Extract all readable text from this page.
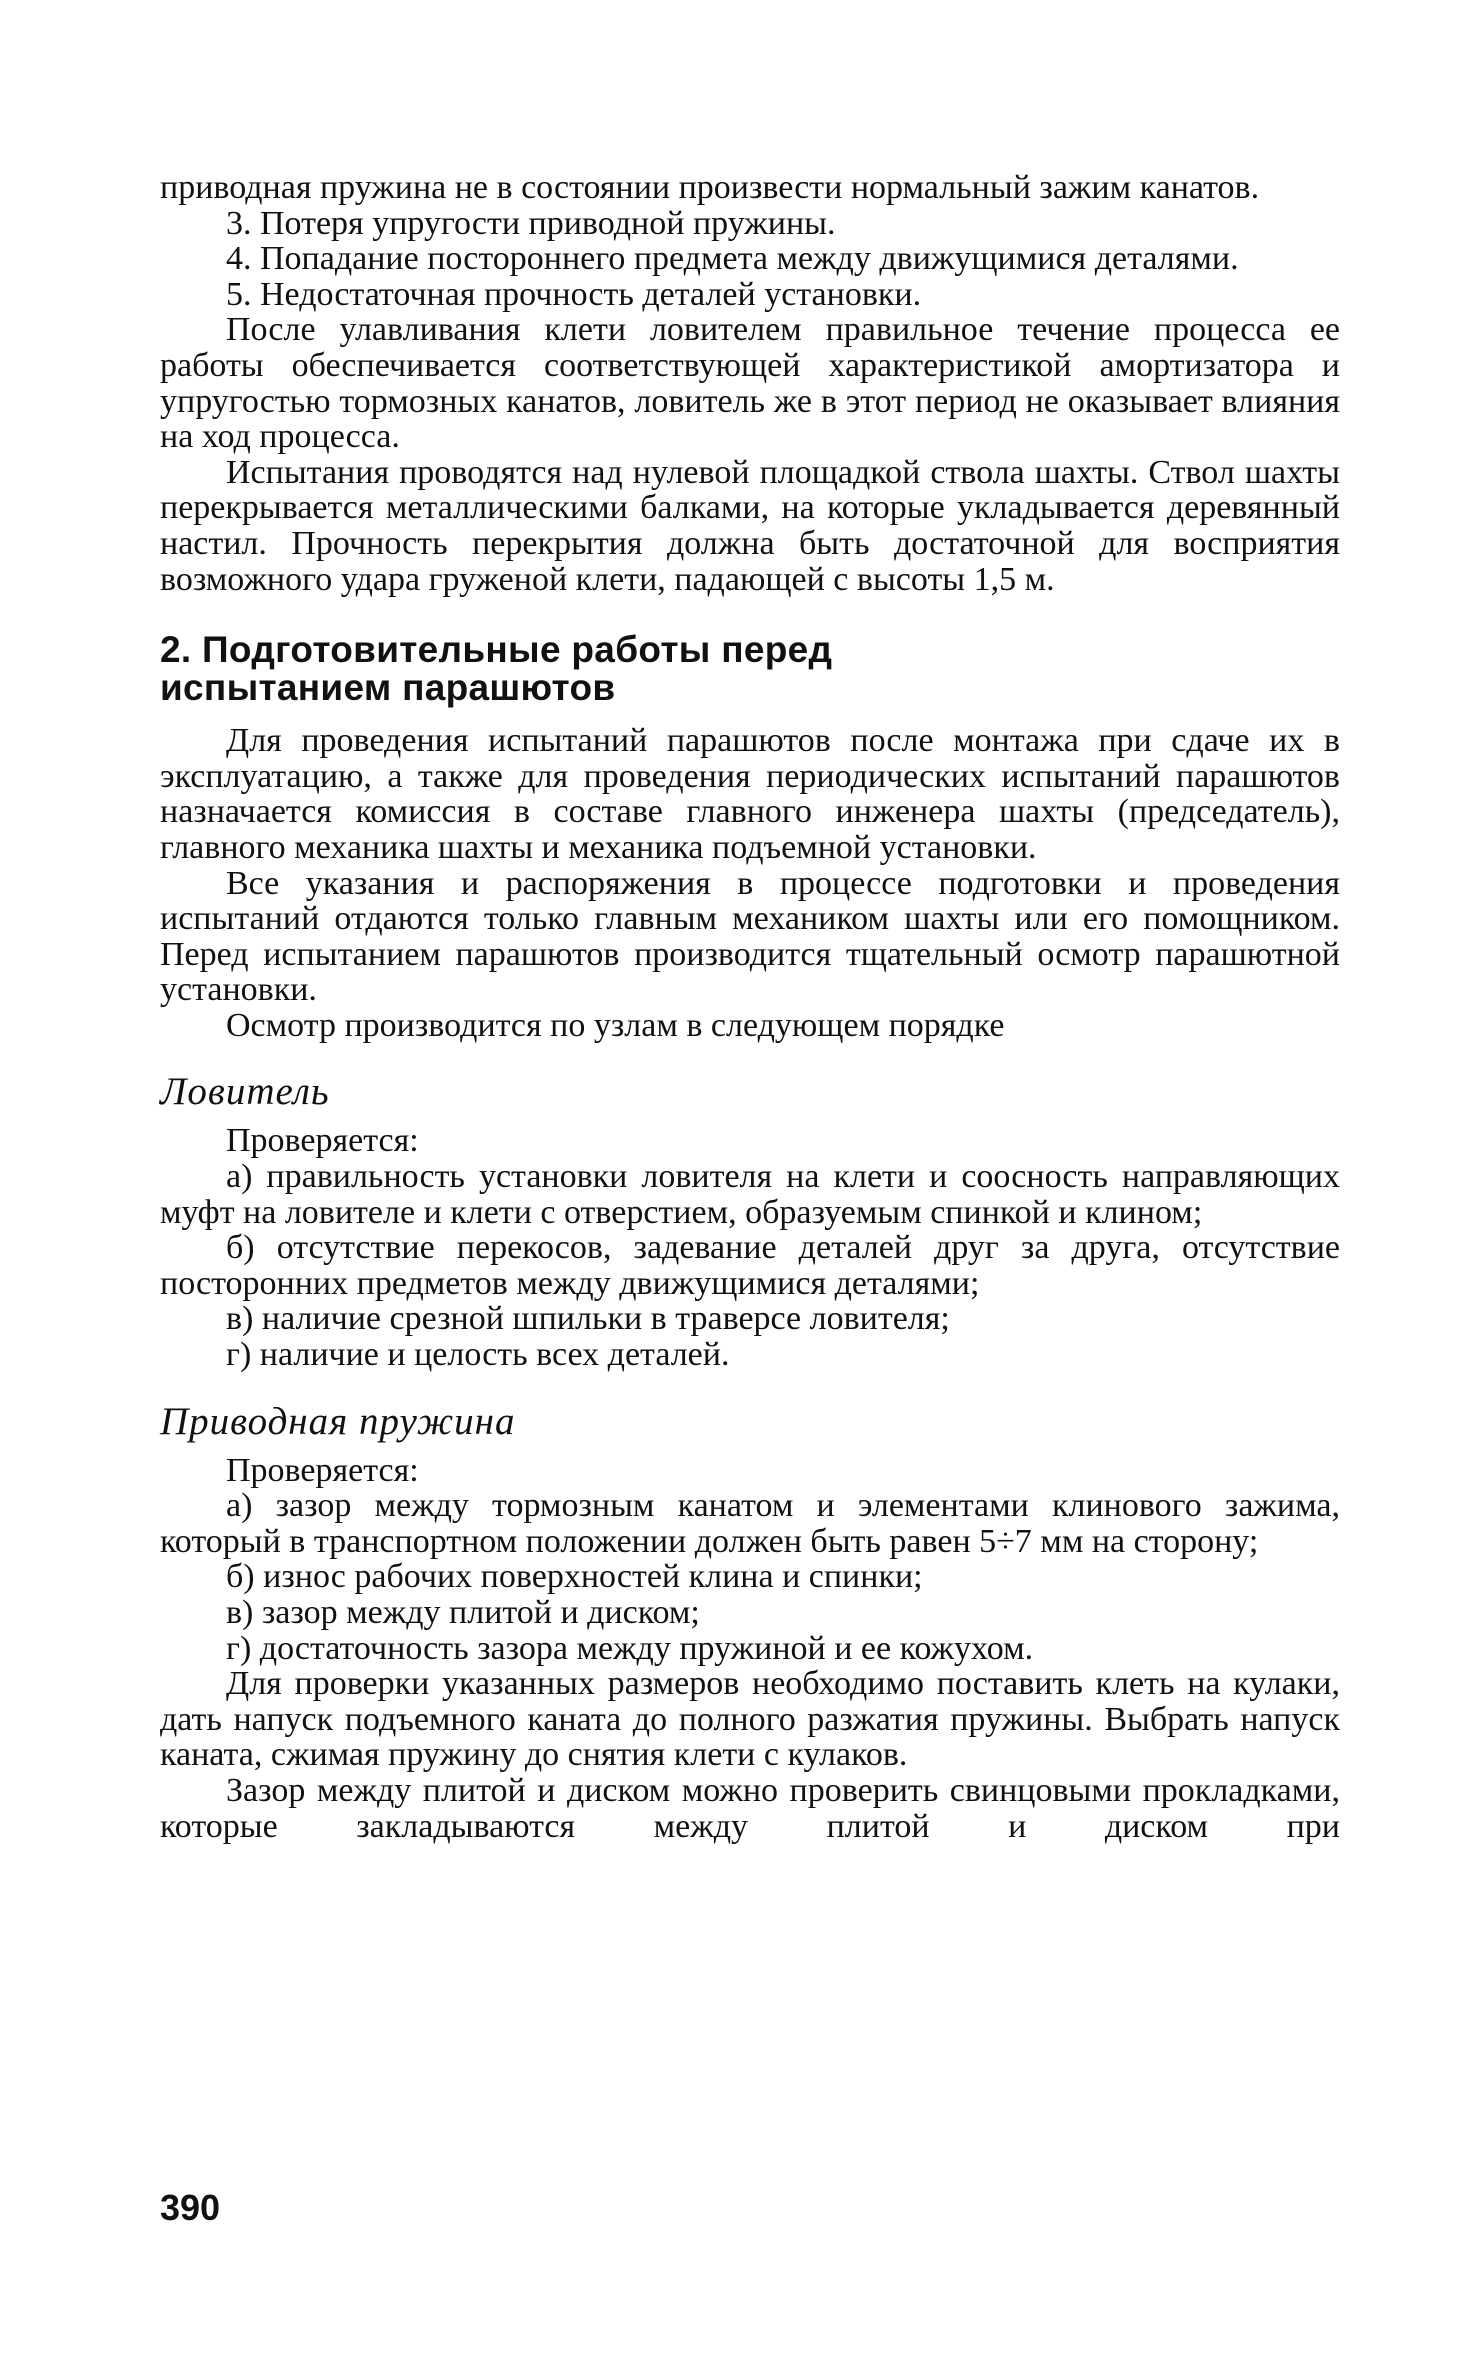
приводная пружина не в состоянии произвести нормальный зажим канатов.

3. Потеря упругости приводной пружины.

4. Попадание постороннего предмета между движущимися деталями.

5. Недостаточная прочность деталей установки.

После улавливания клети ловителем правильное течение процесса ее работы обеспечивается соответствующей характеристикой амортизатора и упругостью тормозных канатов, ловитель же в этот период не оказывает влияния на ход процесса.

Испытания проводятся над нулевой площадкой ствола шахты. Ствол шахты перекрывается металлическими балками, на которые укладывается деревянный настил. Прочность перекрытия должна быть достаточной для восприятия возможного удара груженой клети, падающей с высоты 1,5 м.

2. Подготовительные работы перед
испытанием парашютов

Для проведения испытаний парашютов после монтажа при сдаче их в эксплуатацию, а также для проведения периодических испытаний парашютов назначается комиссия в составе главного инженера шахты (председатель), главного механика шахты и механика подъемной установки.

Все указания и распоряжения в процессе подготовки и проведения испытаний отдаются только главным механиком шахты или его помощником. Перед испытанием парашютов производится тщательный осмотр парашютной установки.

Осмотр производится по узлам в следующем порядке

Ловитель

Проверяется:

а) правильность установки ловителя на клети и соосность направляющих муфт на ловителе и клети с отверстием, образуемым спинкой и клином;

б) отсутствие перекосов, задевание деталей друг за друга, отсутствие посторонних предметов между движущимися деталями;

в) наличие срезной шпильки в траверсе ловителя;

г) наличие и целость всех деталей.

Приводная пружина

Проверяется:

а) зазор между тормозным канатом и элементами клинового зажима, который в транспортном положении должен быть равен 5÷7 мм на сторону;

б) износ рабочих поверхностей клина и спинки;

в) зазор между плитой и диском;

г) достаточность зазора между пружиной и ее кожухом.

Для проверки указанных размеров необходимо поставить клеть на кулаки, дать напуск подъемного каната до полного разжатия пружины. Выбрать напуск каната, сжимая пружину до снятия клети с кулаков.

Зазор между плитой и диском можно проверить свинцовыми прокладками, которые закладываются между плитой и диском при

390
